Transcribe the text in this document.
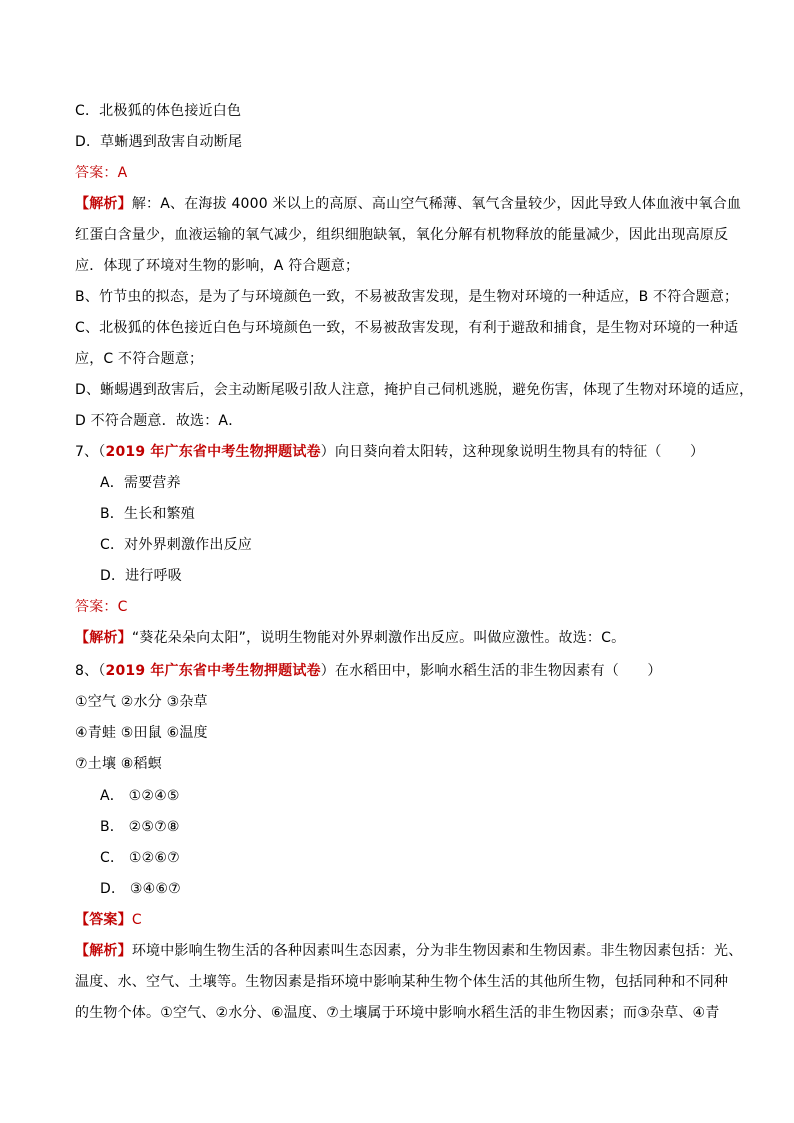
C．北极狐的体色接近白色
D．草蜥遇到敌害自动断尾
答案：A
【解析】解：A、在海拔 4000 米以上的高原、高山空气稀薄、氧气含量较少，因此导致人体血液中氧合血
红蛋白含量少，血液运输的氧气减少，组织细胞缺氧，氧化分解有机物释放的能量减少，因此出现高原反
应．体现了环境对生物的影响，A 符合题意；
B、竹节虫的拟态，是为了与环境颜色一致，不易被敌害发现，是生物对环境的一种适应，B 不符合题意；
C、北极狐的体色接近白色与环境颜色一致，不易被敌害发现，有利于避敌和捕食，是生物对环境的一种适
应，C 不符合题意；
D、蜥蜴遇到敌害后，会主动断尾吸引敌人注意，掩护自己伺机逃脱，避免伤害，体现了生物对环境的适应，
D 不符合题意．故选：A．
7、（2019 年广东省中考生物押题试卷）向日葵向着太阳转，这种现象说明生物具有的特征（　　）
A．需要营养
B．生长和繁殖
C．对外界刺激作出反应
D．进行呼吸
答案：C
【解析】“葵花朵朵向太阳”，说明生物能对外界刺激作出反应。叫做应激性。故选：C。
8、（2019 年广东省中考生物押题试卷）在水稻田中，影响水稻生活的非生物因素有（　　）
①空气 ②水分 ③杂草
④青蛙 ⑤田鼠 ⑥温度
⑦土壤 ⑧稻螟
A． ①②④⑤
B． ②⑤⑦⑧
C． ①②⑥⑦
D． ③④⑥⑦
【答案】C
【解析】环境中影响生物生活的各种因素叫生态因素，分为非生物因素和生物因素。非生物因素包括：光、
温度、水、空气、土壤等。生物因素是指环境中影响某种生物个体生活的其他所生物，包括同种和不同种
的生物个体。①空气、②水分、⑥温度、⑦土壤属于环境中影响水稻生活的非生物因素；而③杂草、④青
